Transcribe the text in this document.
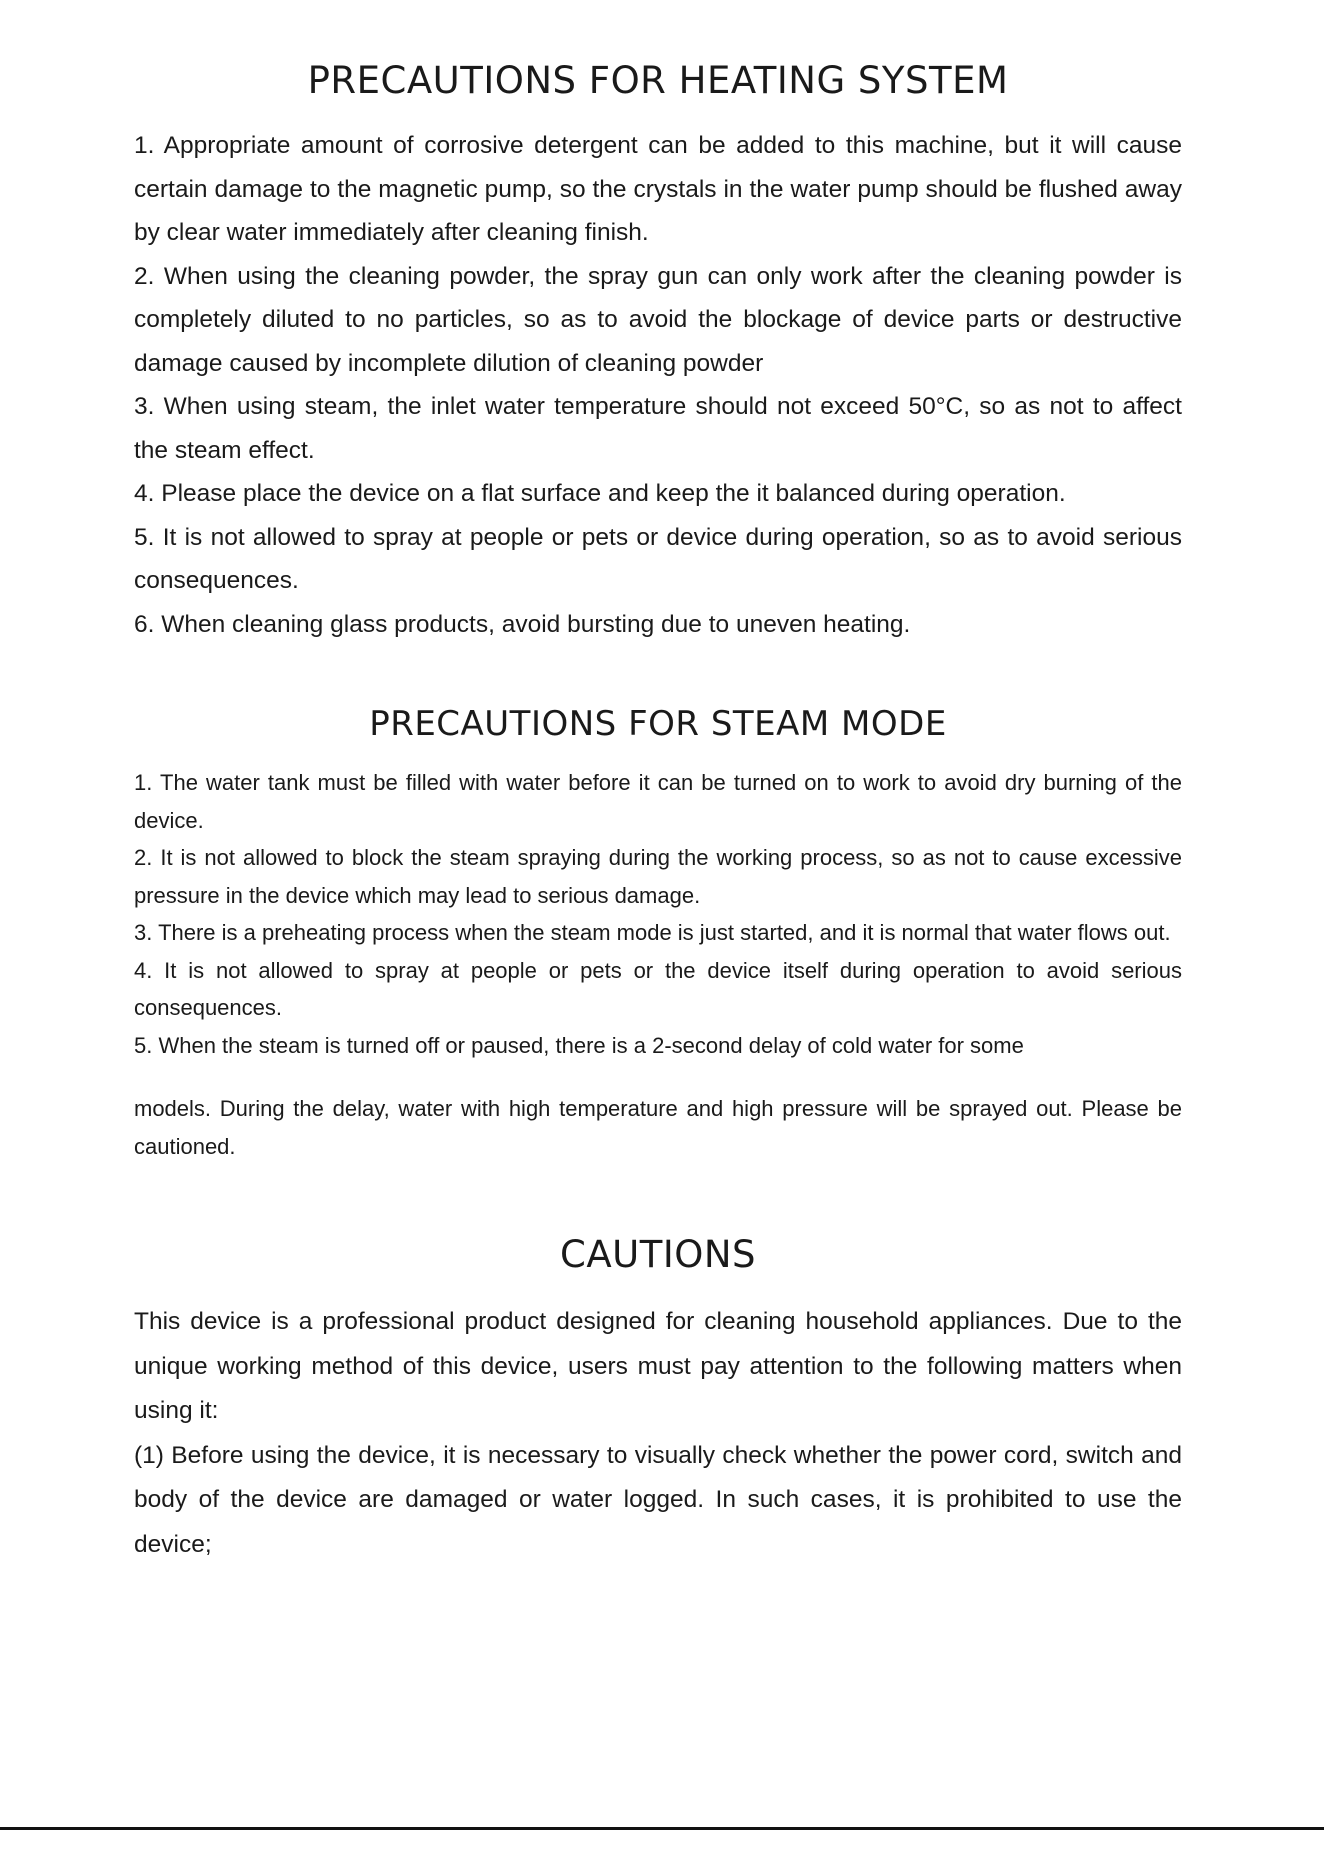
PRECAUTIONS FOR HEATING SYSTEM

1. Appropriate amount of corrosive detergent can be added to this machine, but it will cause certain damage to the magnetic pump, so the crystals in the water pump should be flushed away by clear water immediately after cleaning finish.

2. When using the cleaning powder, the spray gun can only work after the cleaning powder is completely diluted to no particles, so as to avoid the blockage of device parts or destructive damage caused by incomplete dilution of cleaning powder

3. When using steam, the inlet water temperature should not exceed 50°C, so as not to affect the steam effect.

4. Please place the device on a flat surface and keep the it balanced during operation.

5. It is not allowed to spray at people or pets or device during operation, so as to avoid serious consequences.

6. When cleaning glass products, avoid bursting due to uneven heating.

PRECAUTIONS FOR STEAM MODE

1. The water tank must be filled with water before it can be turned on to work to avoid dry burning of the device.

2. It is not allowed to block the steam spraying during the working process, so as not to cause excessive pressure in the device which may lead to serious damage.

3. There is a preheating process when the steam mode is just started, and it is normal that water flows out.

4. It is not allowed to spray at people or pets or the device itself during operation to avoid serious consequences.

5. When the steam is turned off or paused, there is a 2-second delay of cold water for some

models. During the delay, water with high temperature and high pressure will be sprayed out. Please be cautioned.

CAUTIONS

This device is a professional product designed for cleaning household appliances. Due to the unique working method of this device, users must pay attention to the following matters when using it:

(1) Before using the device, it is necessary to visually check whether the power cord, switch and body of the device are damaged or water logged. In such cases, it is prohibited to use the device;
